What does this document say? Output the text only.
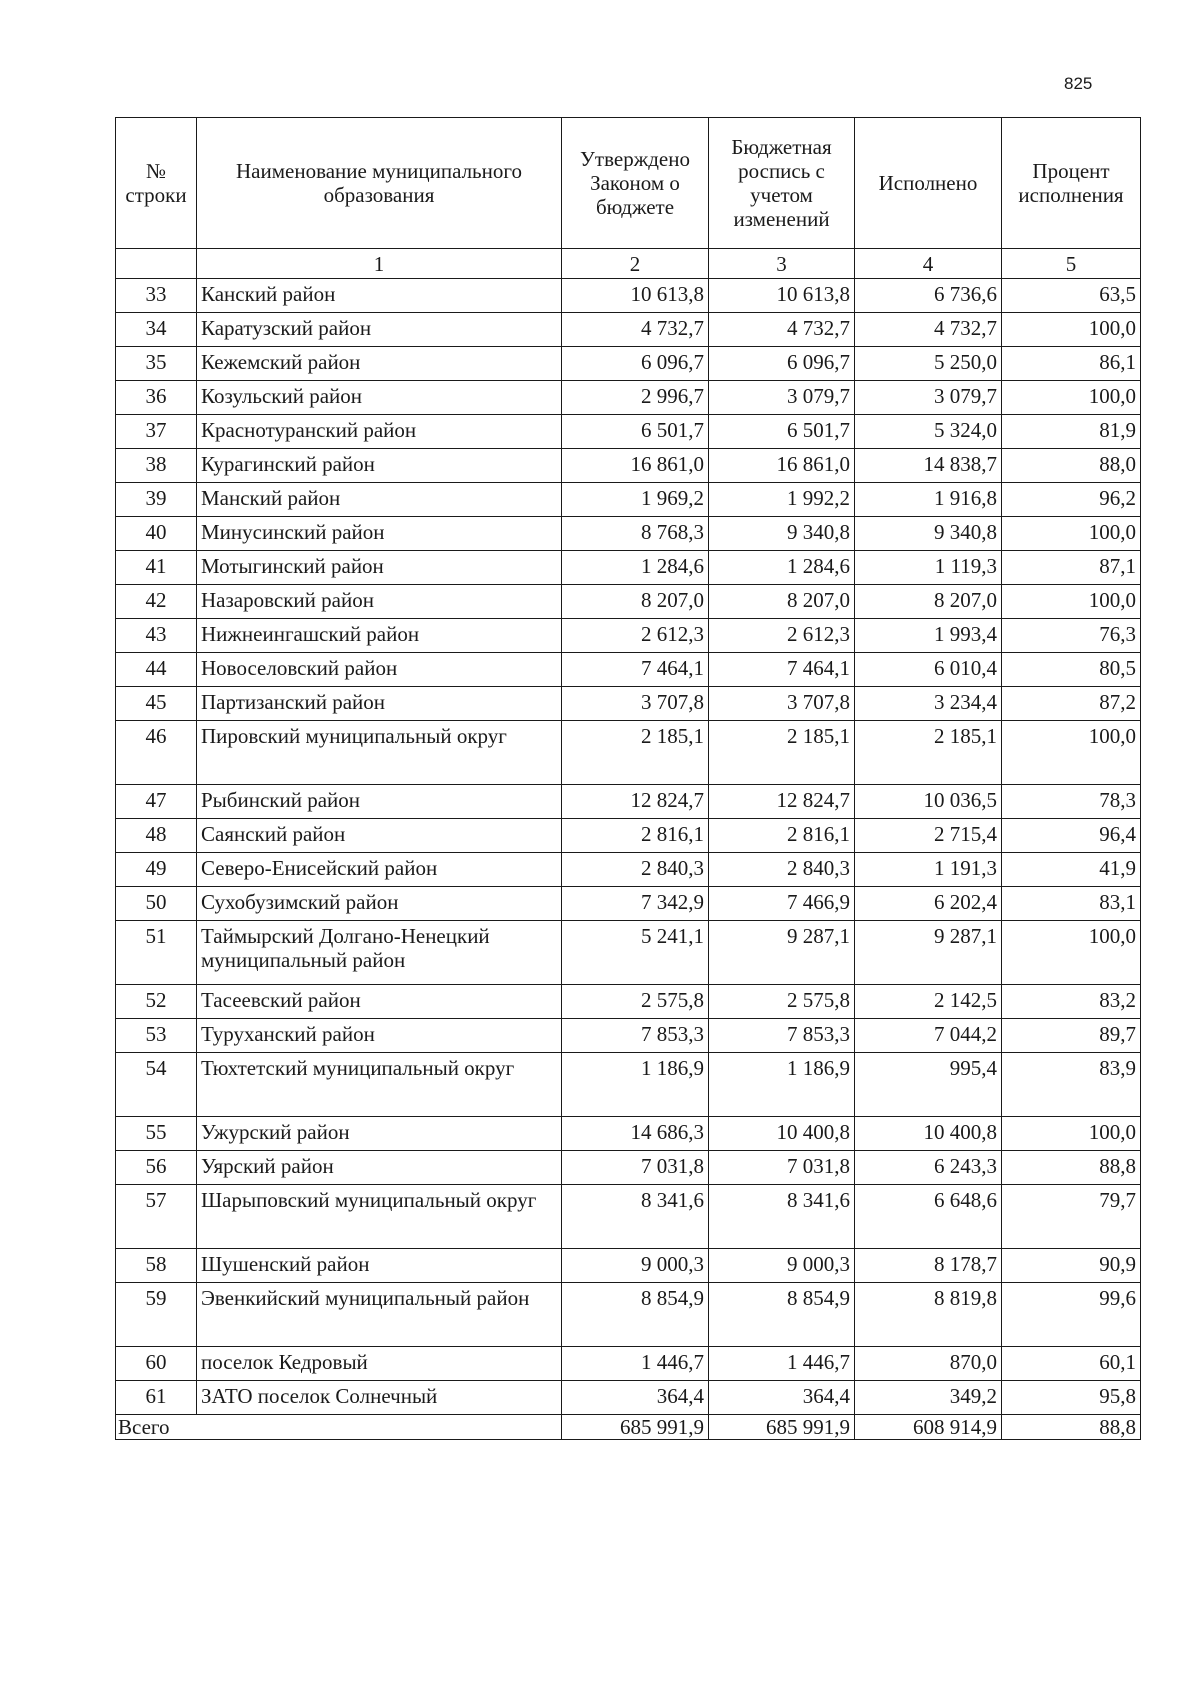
825
№ строки	Наименование муниципального образования	Утверждено Законом о бюджете	Бюджетная роспись с учетом изменений	Исполнено	Процент исполнения
	1	2	3	4	5
33	Канский район	10 613,8	10 613,8	6 736,6	63,5
34	Каратузский район	4 732,7	4 732,7	4 732,7	100,0
35	Кежемский район	6 096,7	6 096,7	5 250,0	86,1
36	Козульский район	2 996,7	3 079,7	3 079,7	100,0
37	Краснотуранский район	6 501,7	6 501,7	5 324,0	81,9
38	Курагинский район	16 861,0	16 861,0	14 838,7	88,0
39	Манский район	1 969,2	1 992,2	1 916,8	96,2
40	Минусинский район	8 768,3	9 340,8	9 340,8	100,0
41	Мотыгинский район	1 284,6	1 284,6	1 119,3	87,1
42	Назаровский район	8 207,0	8 207,0	8 207,0	100,0
43	Нижнеингашский район	2 612,3	2 612,3	1 993,4	76,3
44	Новоселовский район	7 464,1	7 464,1	6 010,4	80,5
45	Партизанский район	3 707,8	3 707,8	3 234,4	87,2
46	Пировский муниципальный округ	2 185,1	2 185,1	2 185,1	100,0
47	Рыбинский район	12 824,7	12 824,7	10 036,5	78,3
48	Саянский район	2 816,1	2 816,1	2 715,4	96,4
49	Северо-Енисейский район	2 840,3	2 840,3	1 191,3	41,9
50	Сухобузимский район	7 342,9	7 466,9	6 202,4	83,1
51	Таймырский Долгано-Ненецкий муниципальный район	5 241,1	9 287,1	9 287,1	100,0
52	Тасеевский район	2 575,8	2 575,8	2 142,5	83,2
53	Туруханский район	7 853,3	7 853,3	7 044,2	89,7
54	Тюхтетский муниципальный округ	1 186,9	1 186,9	995,4	83,9
55	Ужурский район	14 686,3	10 400,8	10 400,8	100,0
56	Уярский район	7 031,8	7 031,8	6 243,3	88,8
57	Шарыповский муниципальный округ	8 341,6	8 341,6	6 648,6	79,7
58	Шушенский район	9 000,3	9 000,3	8 178,7	90,9
59	Эвенкийский муниципальный район	8 854,9	8 854,9	8 819,8	99,6
60	поселок Кедровый	1 446,7	1 446,7	870,0	60,1
61	ЗАТО поселок Солнечный	364,4	364,4	349,2	95,8
Всего		685 991,9	685 991,9	608 914,9	88,8
